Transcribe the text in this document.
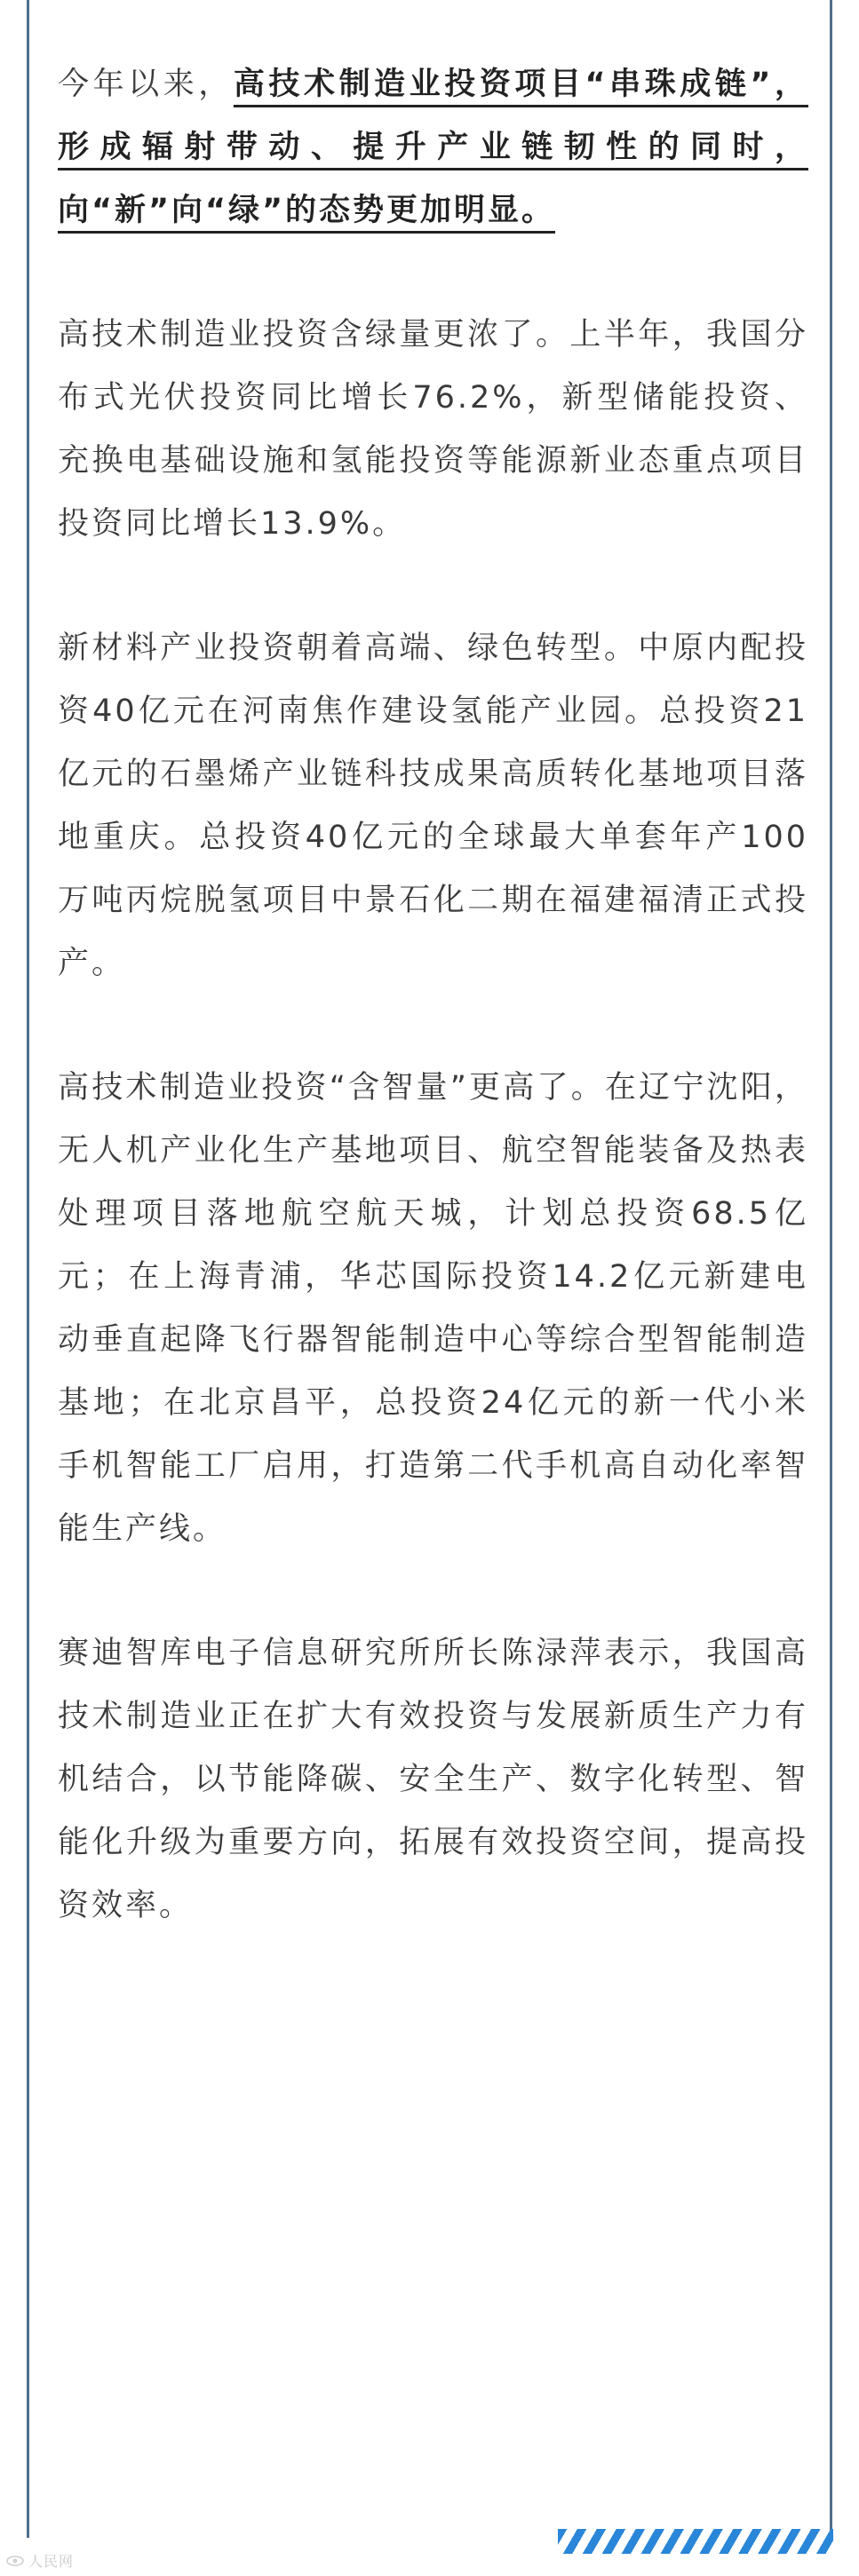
今年以来，高技术制造业投资项目“串珠成链”，形成辐射带动、提升产业链韧性的同时，向“新”向“绿”的态势更加明显。

高技术制造业投资含绿量更浓了。上半年，我国分布式光伏投资同比增长76.2%，新型储能投资、充换电基础设施和氢能投资等能源新业态重点项目投资同比增长13.9%。

新材料产业投资朝着高端、绿色转型。中原内配投资40亿元在河南焦作建设氢能产业园。总投资21亿元的石墨烯产业链科技成果高质转化基地项目落地重庆。总投资40亿元的全球最大单套年产100万吨丙烷脱氢项目中景石化二期在福建福清正式投产。

高技术制造业投资“含智量”更高了。在辽宁沈阳，无人机产业化生产基地项目、航空智能装备及热表处理项目落地航空航天城，计划总投资68.5亿元；在上海青浦，华芯国际投资14.2亿元新建电动垂直起降飞行器智能制造中心等综合型智能制造基地；在北京昌平，总投资24亿元的新一代小米手机智能工厂启用，打造第二代手机高自动化率智能生产线。

赛迪智库电子信息研究所所长陈渌萍表示，我国高技术制造业正在扩大有效投资与发展新质生产力有机结合，以节能降碳、安全生产、数字化转型、智能化升级为重要方向，拓展有效投资空间，提高投资效率。

人民网
